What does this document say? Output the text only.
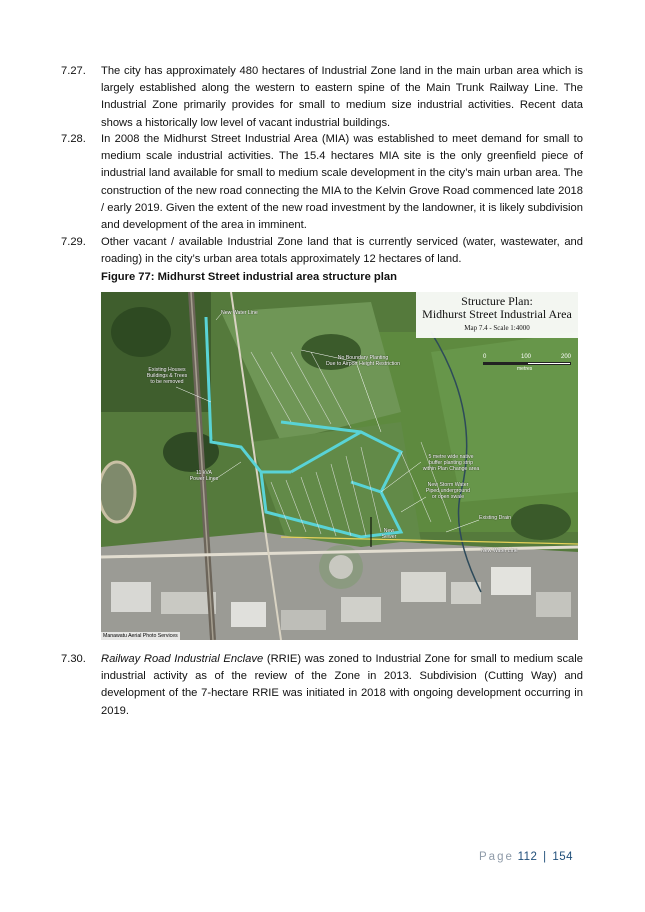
7.27.	The city has approximately 480 hectares of Industrial Zone land in the main urban area which is largely established along the western to eastern spine of the Main Trunk Railway Line. The Industrial Zone primarily provides for small to medium size industrial activities. Recent data shows a historically low level of vacant industrial buildings.
7.28.	In 2008 the Midhurst Street Industrial Area (MIA) was established to meet demand for small to medium scale industrial activities. The 15.4 hectares MIA site is the only greenfield piece of industrial land available for small to medium scale development in the city’s main urban area. The construction of the new road connecting the MIA to the Kelvin Grove Road commenced late 2018 / early 2019. Given the extent of the new road investment by the landowner, it is likely subdivision and development of the area in imminent.
7.29.	Other vacant / available Industrial Zone land that is currently serviced (water, wastewater, and roading) in the city’s urban area totals approximately 12 hectares of land.
Figure 77: Midhurst Street industrial area structure plan
Structure Plan:
Midhurst Street Industrial Area
Map 7.4 - Scale 1:4000
0	100	200
metres
New Water Line
No Boundary Planting
Due to Airport Height Restriction
Existing Houses
Buildings & Trees
to be removed
11 kVA
Power Lines
5 metre wide native
buffer planting strip
within Plan Change area
New Storm Water
Piped underground
or open swale
Existing Drain
New
Sewer
New Water Line
Manawatu Aerial Photo Services
7.30.	Railway Road Industrial Enclave (RRIE) was zoned to Industrial Zone for small to medium scale industrial activity as of the review of the Zone in 2013. Subdivision (Cutting Way) and development of the 7-hectare RRIE was initiated in 2018 with ongoing development occurring in 2019.
Page 112 | 154
